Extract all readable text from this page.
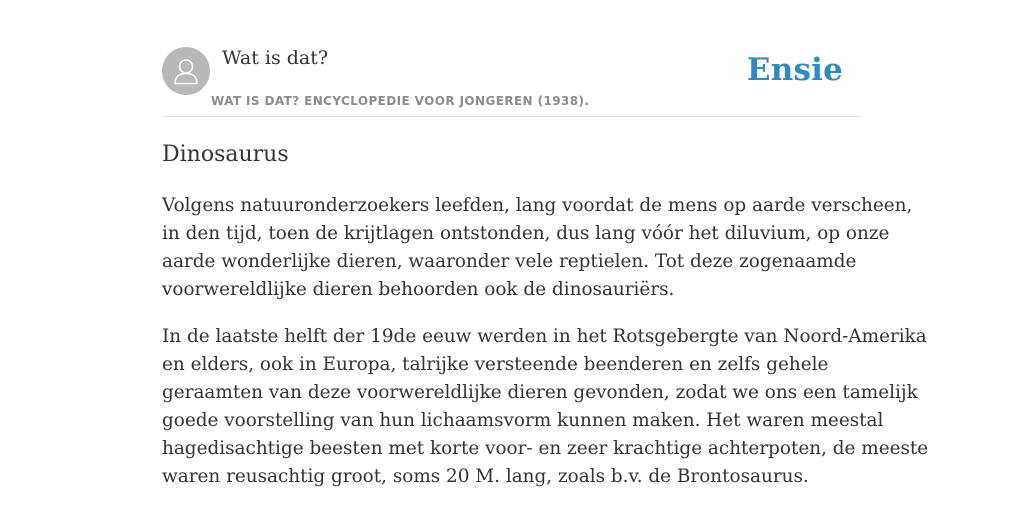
Wat is dat?
WAT IS DAT? ENCYCLOPEDIE VOOR JONGEREN (1938).
Ensie
Dinosaurus

Volgens natuuronderzoekers leefden, lang voordat de mens op aarde verscheen,
in den tijd, toen de krijtlagen ontstonden, dus lang vóór het diluvium, op onze
aarde wonderlijke dieren, waaronder vele reptielen. Tot deze zogenaamde
voorwereldlijke dieren behoorden ook de dinosauriërs.

In de laatste helft der 19de eeuw werden in het Rotsgebergte van Noord-Amerika
en elders, ook in Europa, talrijke versteende beenderen en zelfs gehele
geraamten van deze voorwereldlijke dieren gevonden, zodat we ons een tamelijk
goede voorstelling van hun lichaamsvorm kunnen maken. Het waren meestal
hagedisachtige beesten met korte voor- en zeer krachtige achterpoten, de meeste
waren reusachtig groot, soms 20 M. lang, zoals b.v. de Brontosaurus.
